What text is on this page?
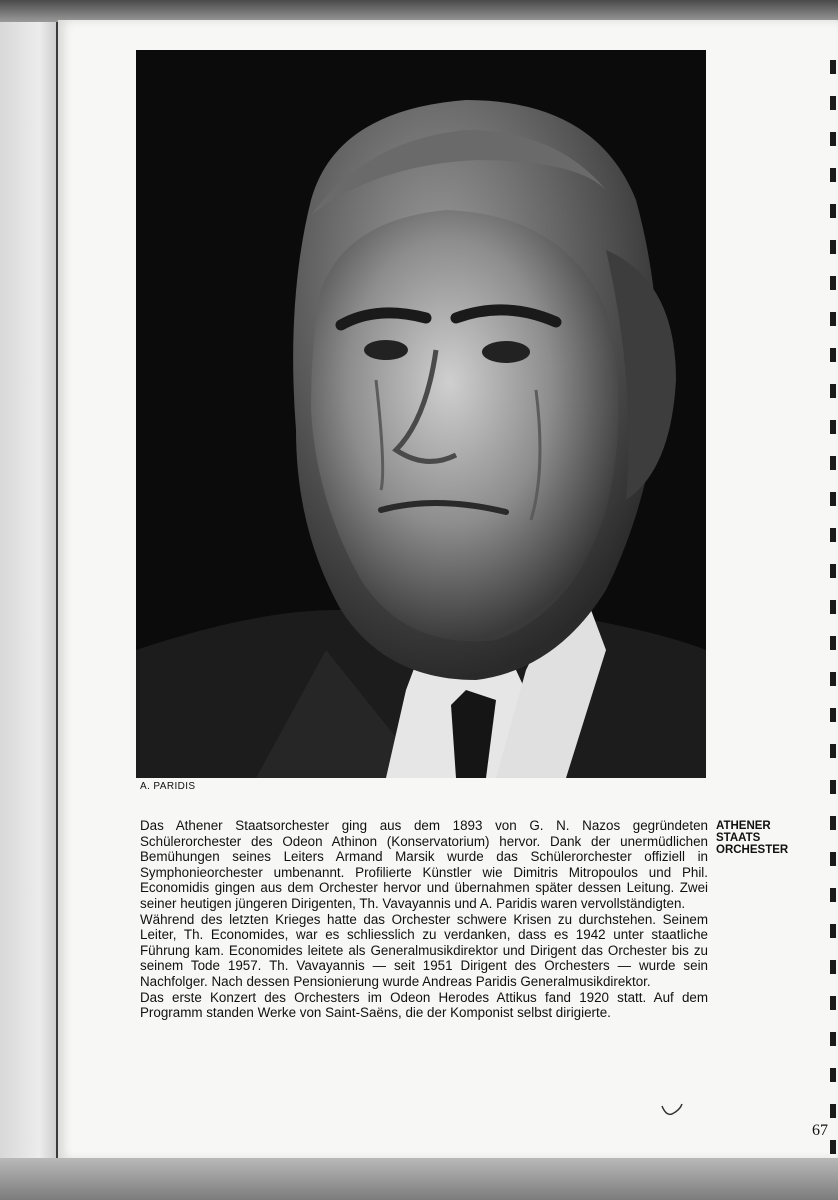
A. PARIDIS

Das Athener Staatsorchester ging aus dem 1893 von G. N. Nazos gegründeten Schülerorchester des Odeon Athinon (Konservatorium) hervor. Dank der unermüdlichen Bemühungen seines Leiters Armand Marsik wurde das Schülerorchester offiziell in Symphonieorchester umbenannt. Profilierte Künstler wie Dimitris Mitropoulos und Phil. Economidis gingen aus dem Orchester hervor und übernahmen später dessen Leitung. Zwei seiner heutigen jüngeren Dirigenten, Th. Vavayannis und A. Paridis waren vervollständigten.

Während des letzten Krieges hatte das Orchester schwere Krisen zu durchstehen. Seinem Leiter, Th. Economides, war es schliesslich zu verdanken, dass es 1942 unter staatliche Führung kam. Economides leitete als Generalmusikdirektor und Dirigent das Orchester bis zu seinem Tode 1957. Th. Vavayannis — seit 1951 Dirigent des Orchesters — wurde sein Nachfolger. Nach dessen Pensionierung wurde Andreas Paridis Generalmusikdirektor.

Das erste Konzert des Orchesters im Odeon Herodes Attikus fand 1920 statt. Auf dem Programm standen Werke von Saint-Saëns, die der Komponist selbst dirigierte.

ATHENER
STAATS
ORCHESTER
67
